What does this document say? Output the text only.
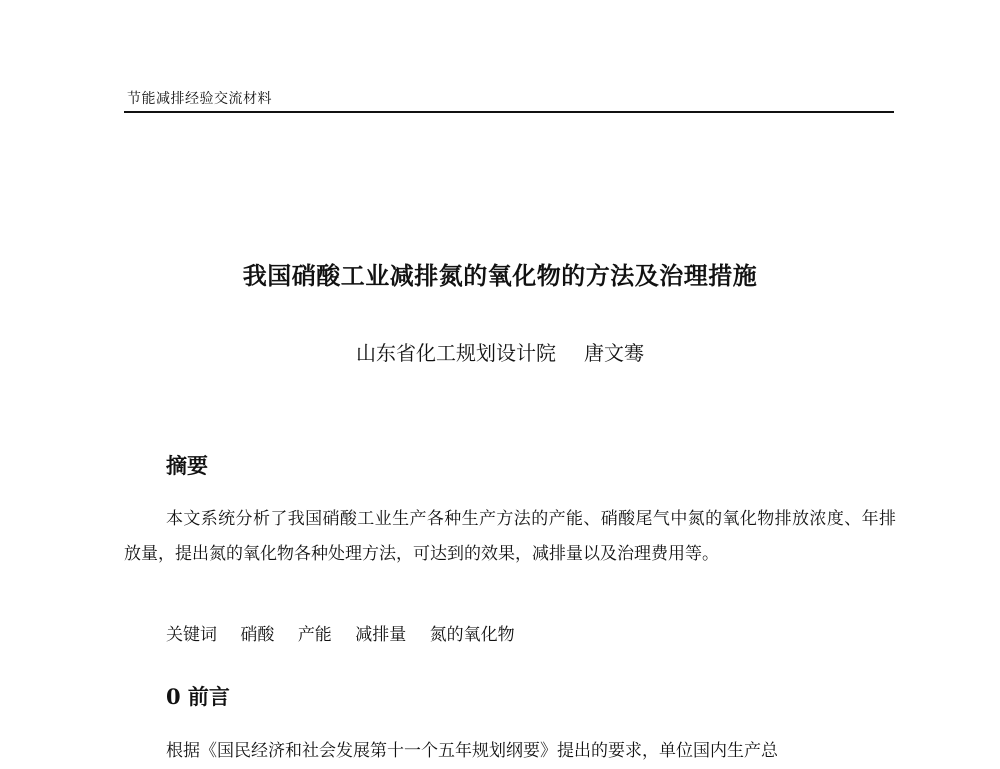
节能减排经验交流材料
我国硝酸工业减排氮的氧化物的方法及治理措施
山东省化工规划设计院 唐文骞
摘要
本文系统分析了我国硝酸工业生产各种生产方法的产能、硝酸尾气中氮的氧化物排放浓度、年排放量，提出氮的氧化物各种处理方法，可达到的效果，减排量以及治理费用等。
关键词 硝酸 产能 减排量 氮的氧化物
0 前言
根据《国民经济和社会发展第十一个五年规划纲要》提出的要求，单位国内生产总
